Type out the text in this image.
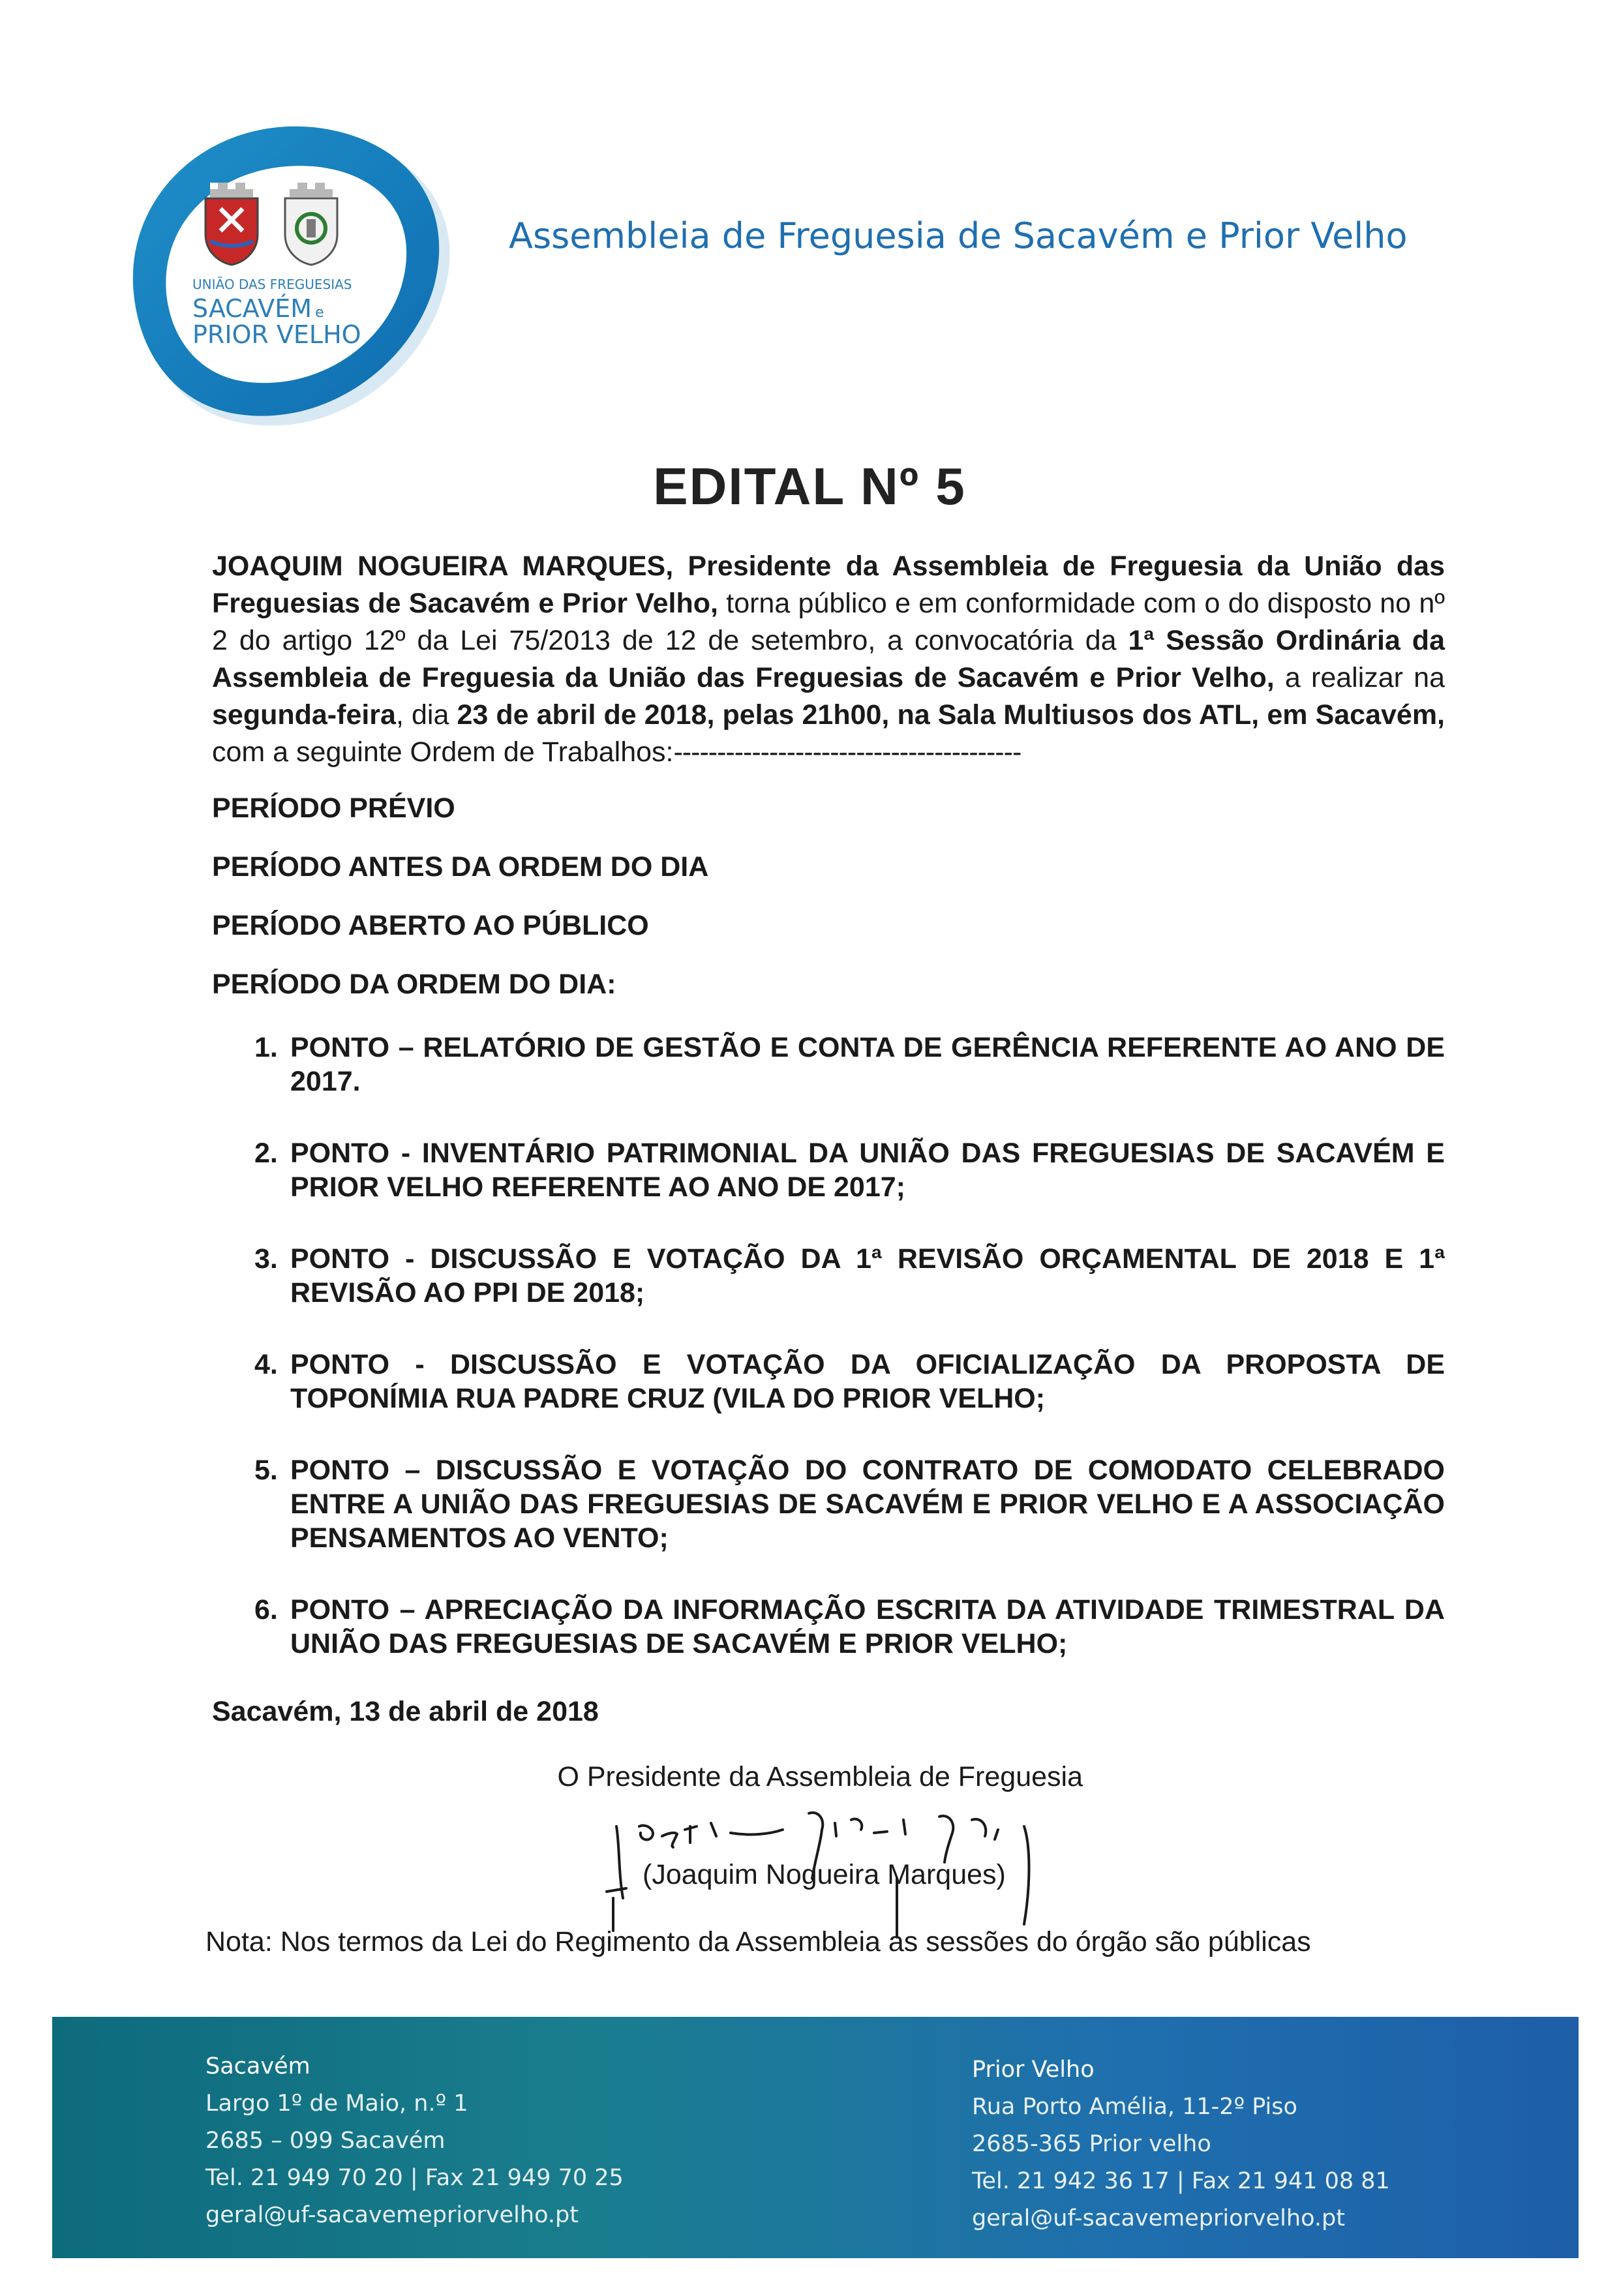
UNIÃO DAS FREGUESIAS
SACAVÉM e
PRIOR VELHO
Assembleia de Freguesia de Sacavém e Prior Velho
EDITAL Nº 5
JOAQUIM NOGUEIRA MARQUES, Presidente da Assembleia de Freguesia da União das Freguesias de Sacavém e Prior Velho, torna público e em conformidade com o do disposto no nº 2 do artigo 12º da Lei 75/2013 de 12 de setembro, a convocatória da 1ª Sessão Ordinária da Assembleia de Freguesia da União das Freguesias de Sacavém e Prior Velho, a realizar na segunda-feira, dia 23 de abril de 2018, pelas 21h00, na Sala Multiusos dos ATL, em Sacavém, com a seguinte Ordem de Trabalhos:----------------------------------------
PERÍODO PRÉVIO
PERÍODO ANTES DA ORDEM DO DIA
PERÍODO ABERTO AO PÚBLICO
PERÍODO DA ORDEM DO DIA:
1. PONTO – RELATÓRIO DE GESTÃO E CONTA DE GERÊNCIA REFERENTE AO ANO DE 2017.
2. PONTO - INVENTÁRIO PATRIMONIAL DA UNIÃO DAS FREGUESIAS DE SACAVÉM E PRIOR VELHO REFERENTE AO ANO DE 2017;
3. PONTO - DISCUSSÃO E VOTAÇÃO DA 1ª REVISÃO ORÇAMENTAL DE 2018 E 1ª REVISÃO AO PPI DE 2018;
4. PONTO - DISCUSSÃO E VOTAÇÃO DA OFICIALIZAÇÃO DA PROPOSTA DE TOPONÍMIA RUA PADRE CRUZ (VILA DO PRIOR VELHO;
5. PONTO – DISCUSSÃO E VOTAÇÃO DO CONTRATO DE COMODATO CELEBRADO ENTRE A UNIÃO DAS FREGUESIAS DE SACAVÉM E PRIOR VELHO E A ASSOCIAÇÃO PENSAMENTOS AO VENTO;
6. PONTO – APRECIAÇÃO DA INFORMAÇÃO ESCRITA DA ATIVIDADE TRIMESTRAL DA UNIÃO DAS FREGUESIAS DE SACAVÉM E PRIOR VELHO;
Sacavém, 13 de abril de 2018
O Presidente da Assembleia de Freguesia
(Joaquim Nogueira Marques)
Nota: Nos termos da Lei do Regimento da Assembleia as sessões do órgão são públicas
Sacavém
Largo 1º de Maio, n.º 1
2685 – 099 Sacavém
Tel. 21 949 70 20 | Fax 21 949 70 25
geral@uf-sacavemepriorvelho.pt
Prior Velho
Rua Porto Amélia, 11-2º Piso
2685-365 Prior velho
Tel. 21 942 36 17 | Fax 21 941 08 81
geral@uf-sacavemepriorvelho.pt
